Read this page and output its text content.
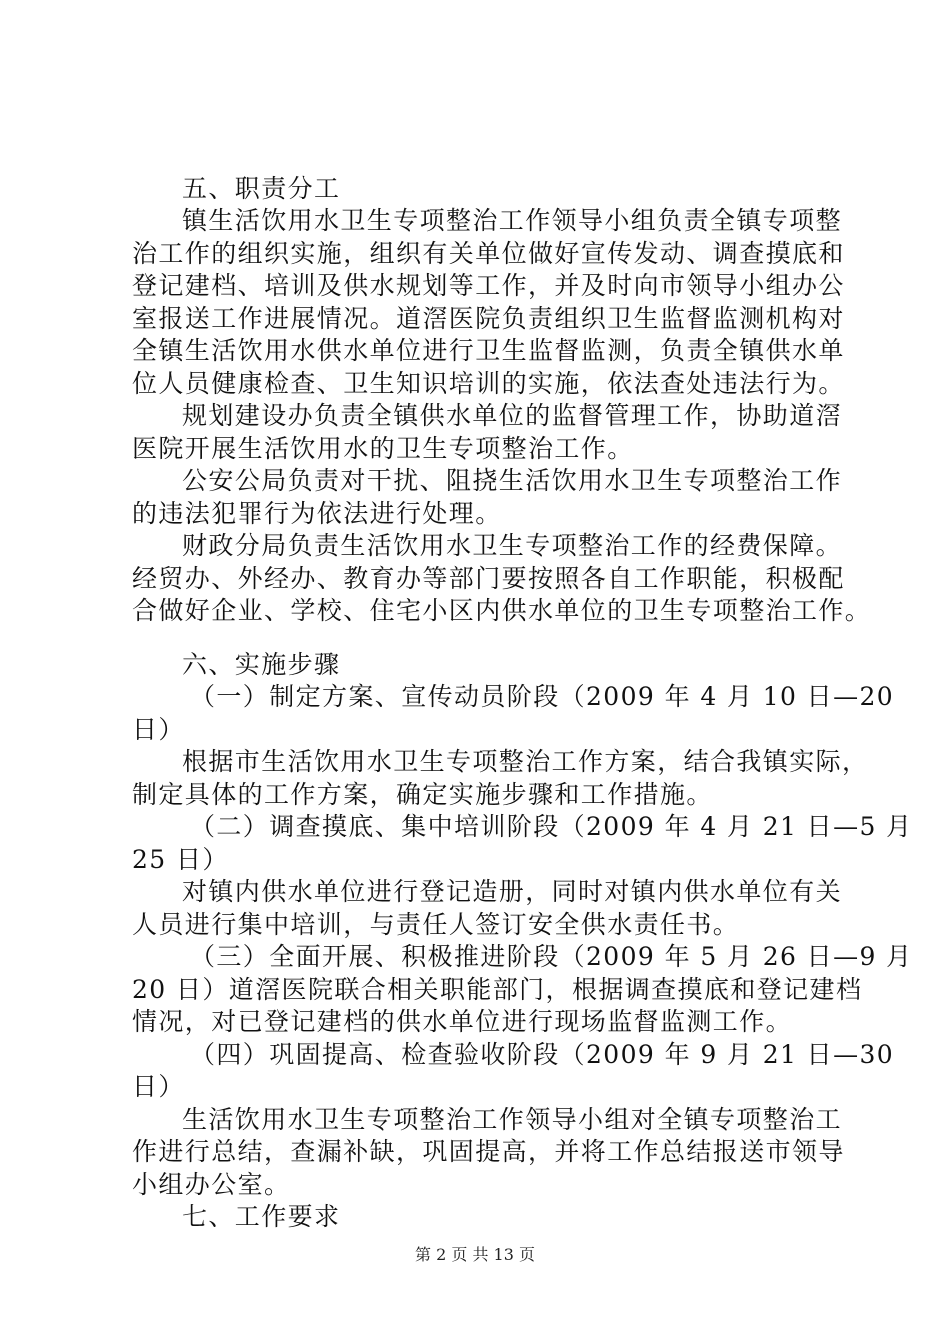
五、职责分工
镇生活饮用水卫生专项整治工作领导小组负责全镇专项整
治工作的组织实施，组织有关单位做好宣传发动、调查摸底和
登记建档、培训及供水规划等工作，并及时向市领导小组办公
室报送工作进展情况。道滘医院负责组织卫生监督监测机构对
全镇生活饮用水供水单位进行卫生监督监测，负责全镇供水单
位人员健康检查、卫生知识培训的实施，依法查处违法行为。
规划建设办负责全镇供水单位的监督管理工作，协助道滘
医院开展生活饮用水的卫生专项整治工作。
公安公局负责对干扰、阻挠生活饮用水卫生专项整治工作
的违法犯罪行为依法进行处理。
财政分局负责生活饮用水卫生专项整治工作的经费保障。
经贸办、外经办、教育办等部门要按照各自工作职能，积极配
合做好企业、学校、住宅小区内供水单位的卫生专项整治工作。
六、实施步骤
（一）制定方案、宣传动员阶段（2009 年 4 月 10 日—20
日）
根据市生活饮用水卫生专项整治工作方案，结合我镇实际，
制定具体的工作方案，确定实施步骤和工作措施。
（二）调查摸底、集中培训阶段（2009 年 4 月 21 日—5 月
25 日）
对镇内供水单位进行登记造册，同时对镇内供水单位有关
人员进行集中培训，与责任人签订安全供水责任书。
（三）全面开展、积极推进阶段（2009 年 5 月 26 日—9 月
20 日）道滘医院联合相关职能部门，根据调查摸底和登记建档
情况，对已登记建档的供水单位进行现场监督监测工作。
（四）巩固提高、检查验收阶段（2009 年 9 月 21 日—30
日）
生活饮用水卫生专项整治工作领导小组对全镇专项整治工
作进行总结，查漏补缺，巩固提高，并将工作总结报送市领导
小组办公室。
七、工作要求
第 2 页 共 13 页
